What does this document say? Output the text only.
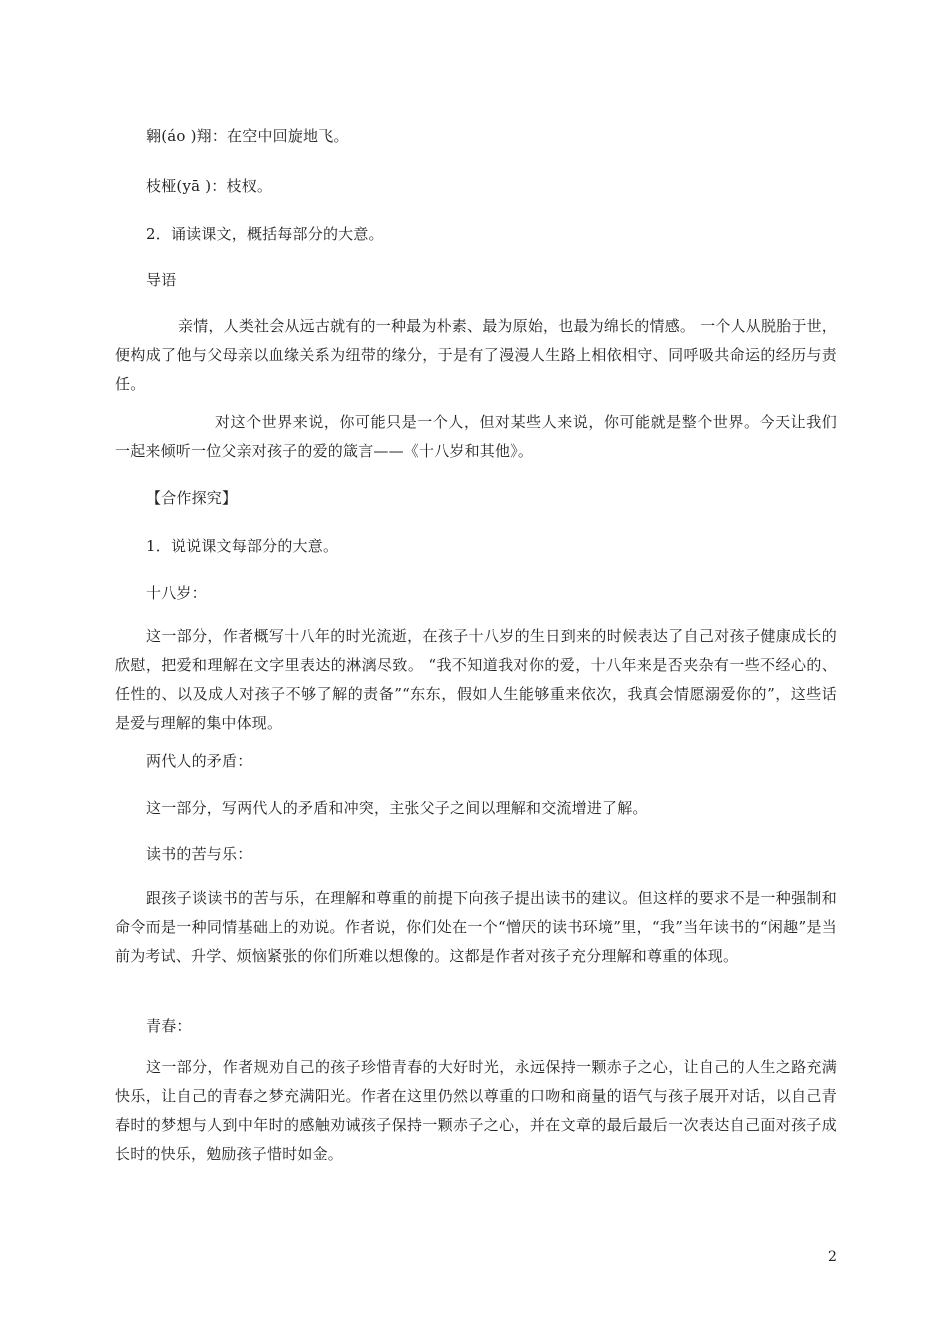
翱(áo )翔：在空中回旋地飞。
枝桠(yā )：枝杈。
2．诵读课文，概括每部分的大意。
导语
亲情，人类社会从远古就有的一种最为朴素、最为原始，也最为绵长的情感。 一个人从脱胎于世，便构成了他与父母亲以血缘关系为纽带的缘分，于是有了漫漫人生路上相依相守、同呼吸共命运的经历与责任。
对这个世界来说，你可能只是一个人，但对某些人来说，你可能就是整个世界。今天让我们一起来倾听一位父亲对孩子的爱的箴言——《十八岁和其他》。
【合作探究】
1．说说课文每部分的大意。
十八岁：
这一部分，作者概写十八年的时光流逝，在孩子十八岁的生日到来的时候表达了自己对孩子健康成长的欣慰，把爱和理解在文字里表达的淋漓尽致。 “我不知道我对你的爱，十八年来是否夹杂有一些不经心的、任性的、以及成人对孩子不够了解的责备”“东东，假如人生能够重来依次，我真会情愿溺爱你的”，这些话是爱与理解的集中体现。
两代人的矛盾：
这一部分，写两代人的矛盾和冲突，主张父子之间以理解和交流增进了解。
读书的苦与乐：
跟孩子谈读书的苦与乐，在理解和尊重的前提下向孩子提出读书的建议。但这样的要求不是一种强制和命令而是一种同情基础上的劝说。作者说，你们处在一个“憎厌的读书环境”里，“我”当年读书的“闲趣”是当前为考试、升学、烦恼紧张的你们所难以想像的。这都是作者对孩子充分理解和尊重的体现。
青春：
这一部分，作者规劝自己的孩子珍惜青春的大好时光，永远保持一颗赤子之心，让自己的人生之路充满快乐，让自己的青春之梦充满阳光。作者在这里仍然以尊重的口吻和商量的语气与孩子展开对话，以自己青春时的梦想与人到中年时的感触劝诫孩子保持一颗赤子之心，并在文章的最后最后一次表达自己面对孩子成长时的快乐，勉励孩子惜时如金。
2
